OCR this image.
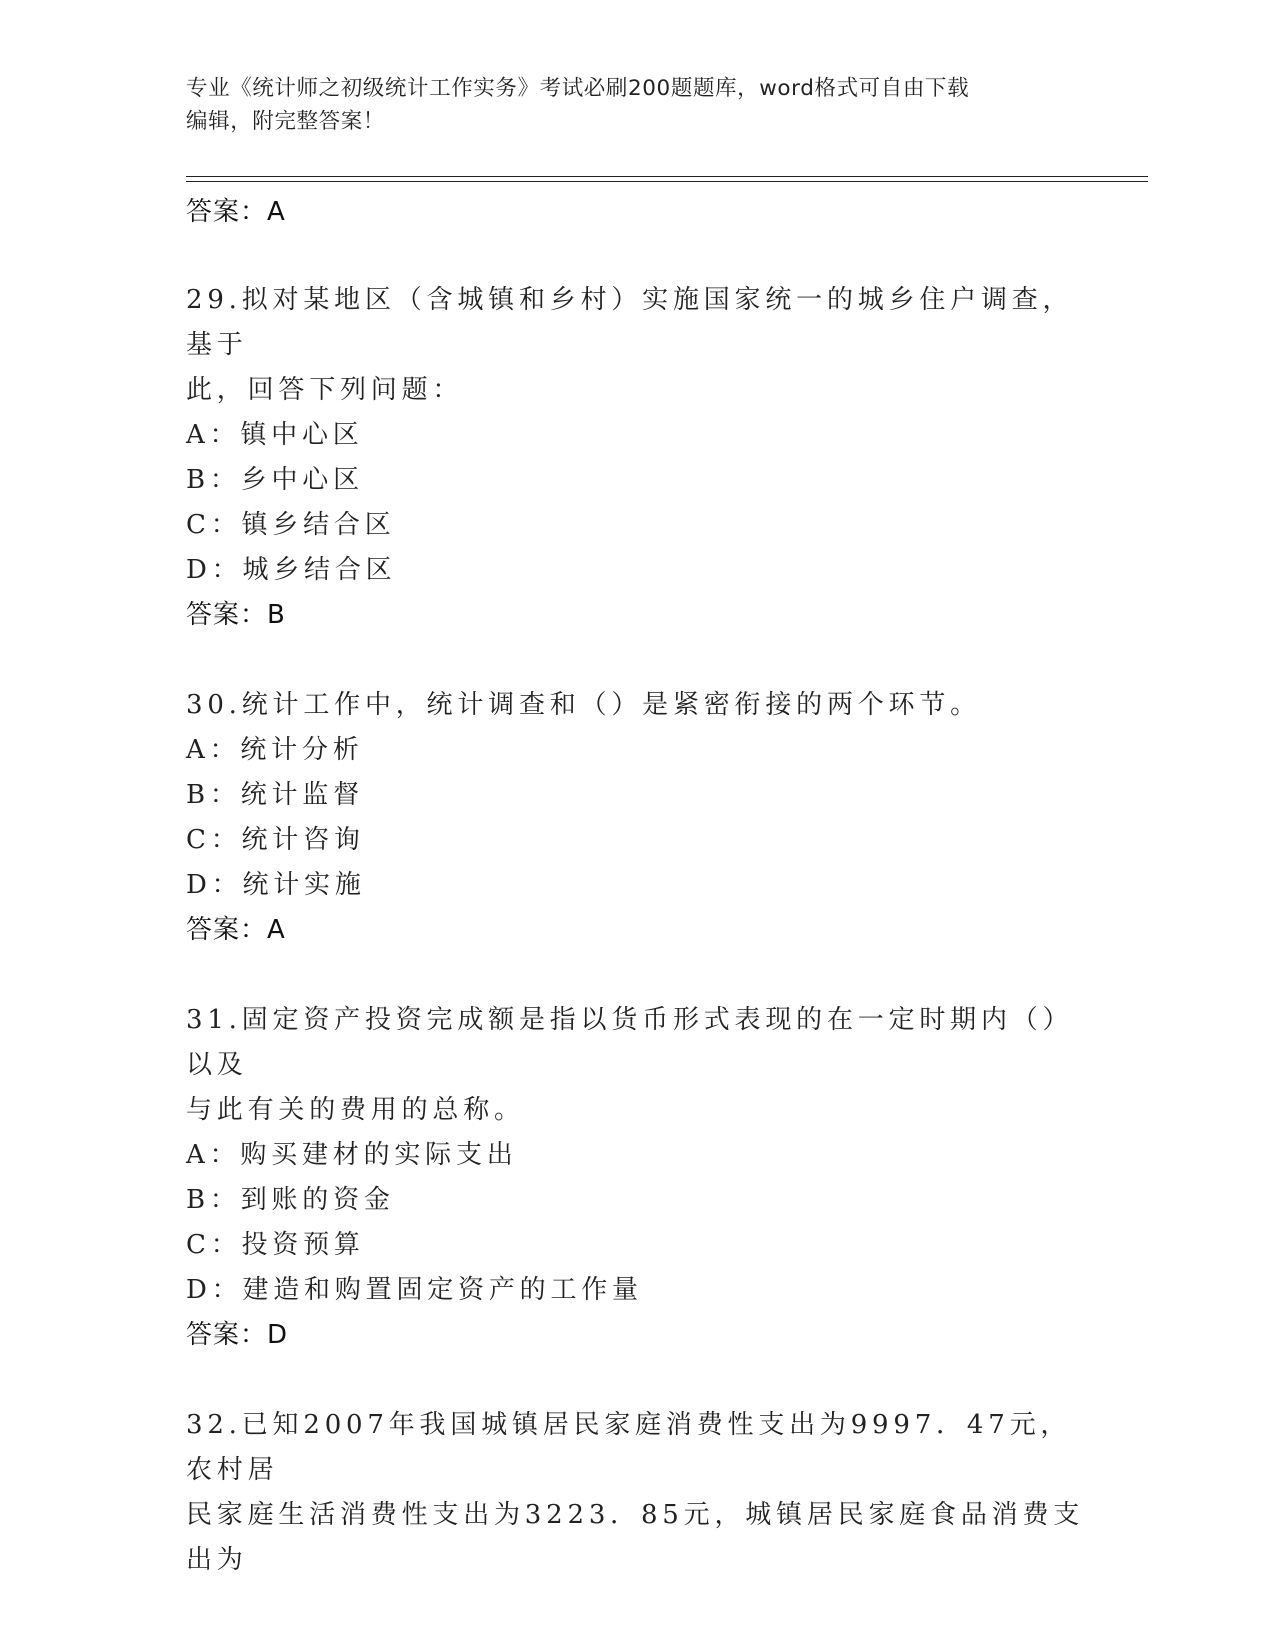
专业《统计师之初级统计工作实务》考试必刷200题题库，word格式可自由下载
编辑，附完整答案！

答案：A

29.拟对某地区（含城镇和乡村）实施国家统一的城乡住户调查，基于

此，回答下列问题：

A：镇中心区

B：乡中心区

C：镇乡结合区

D：城乡结合区

答案：B

30.统计工作中，统计调查和（）是紧密衔接的两个环节。

A：统计分析

B：统计监督

C：统计咨询

D：统计实施

答案：A

31.固定资产投资完成额是指以货币形式表现的在一定时期内（）以及

与此有关的费用的总称。

A：购买建材的实际支出

B：到账的资金

C：投资预算

D：建造和购置固定资产的工作量

答案：D

32.已知2007年我国城镇居民家庭消费性支出为9997．47元，农村居

民家庭生活消费性支出为3223．85元，城镇居民家庭食品消费支出为
